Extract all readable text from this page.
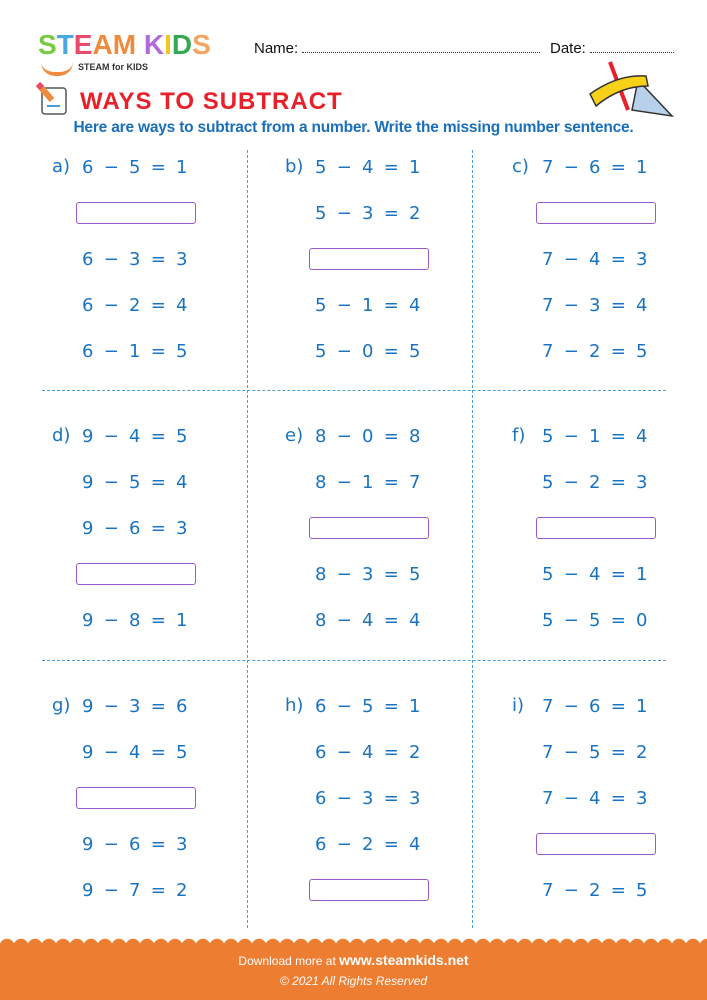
STEAM KIDS
STEAM for KIDS
Name:	Date:
WAYS TO SUBTRACT
Here are ways to subtract from a number. Write the missing number sentence.
a) 6 − 5 = 1
6 − 3 = 3
6 − 2 = 4
6 − 1 = 5
b) 5 − 4 = 1
5 − 3 = 2
5 − 1 = 4
5 − 0 = 5
c) 7 − 6 = 1
7 − 4 = 3
7 − 3 = 4
7 − 2 = 5
d) 9 − 4 = 5
9 − 5 = 4
9 − 6 = 3
9 − 8 = 1
e) 8 − 0 = 8
8 − 1 = 7
8 − 3 = 5
8 − 4 = 4
f) 5 − 1 = 4
5 − 2 = 3
5 − 4 = 1
5 − 5 = 0
g) 9 − 3 = 6
9 − 4 = 5
9 − 6 = 3
9 − 7 = 2
h) 6 − 5 = 1
6 − 4 = 2
6 − 3 = 3
6 − 2 = 4
i) 7 − 6 = 1
7 − 5 = 2
7 − 4 = 3
7 − 2 = 5
Download more at www.steamkids.net
© 2021 All Rights Reserved
